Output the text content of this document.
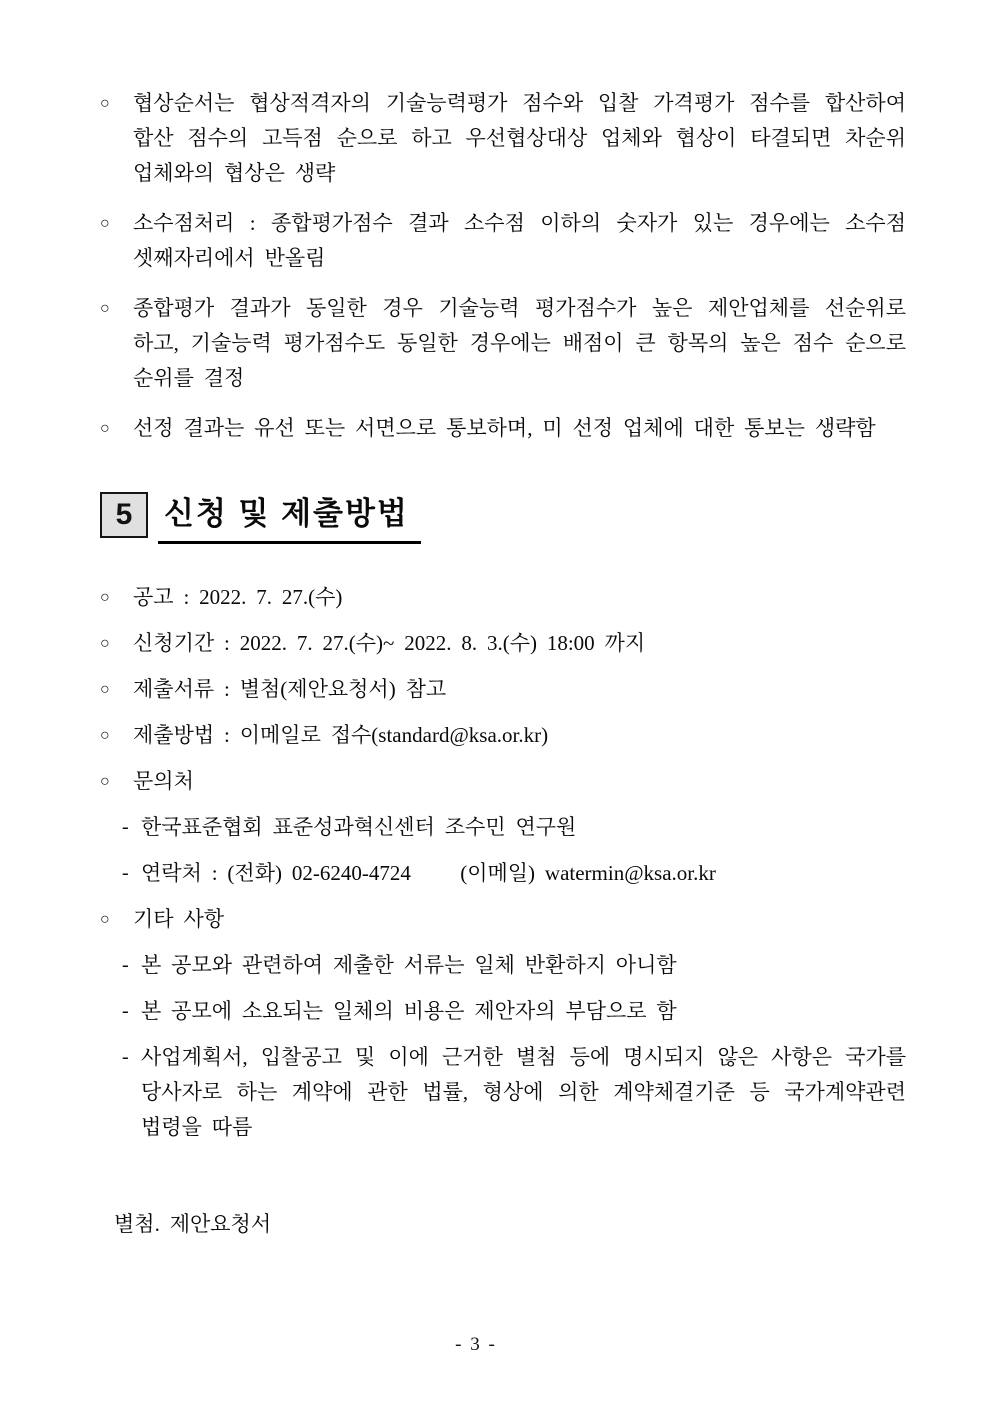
○	협상순서는 협상적격자의 기술능력평가 점수와 입찰 가격평가 점수를 합산하여 합산 점수의 고득점 순으로 하고 우선협상대상 업체와 협상이 타결되면 차순위 업체와의 협상은 생략
○	소수점처리 : 종합평가점수 결과 소수점 이하의 숫자가 있는 경우에는 소수점 셋째자리에서 반올림
○	종합평가 결과가 동일한 경우 기술능력 평가점수가 높은 제안업체를 선순위로 하고, 기술능력 평가점수도 동일한 경우에는 배점이 큰 항목의 높은 점수 순으로 순위를 결정
○	선정 결과는 유선 또는 서면으로 통보하며, 미 선정 업체에 대한 통보는 생략함
5	신청 및 제출방법
○	공고 : 2022. 7. 27.(수)
○	신청기간 : 2022. 7. 27.(수)~ 2022. 8. 3.(수) 18:00 까지
○	제출서류 : 별첨(제안요청서) 참고
○	제출방법 : 이메일로 접수(standard@ksa.or.kr)
○	문의처
- 한국표준협회 표준성과혁신센터 조수민 연구원
- 연락처 : (전화) 02-6240-4724     (이메일) watermin@ksa.or.kr
○	기타 사항
- 본 공모와 관련하여 제출한 서류는 일체 반환하지 아니함
- 본 공모에 소요되는 일체의 비용은 제안자의 부담으로 함
- 사업계획서, 입찰공고 및 이에 근거한 별첨 등에 명시되지 않은 사항은 국가를 당사자로 하는 계약에 관한 법률, 형상에 의한 계약체결기준 등 국가계약관련 법령을 따름
별첨. 제안요청서
- 3 -
